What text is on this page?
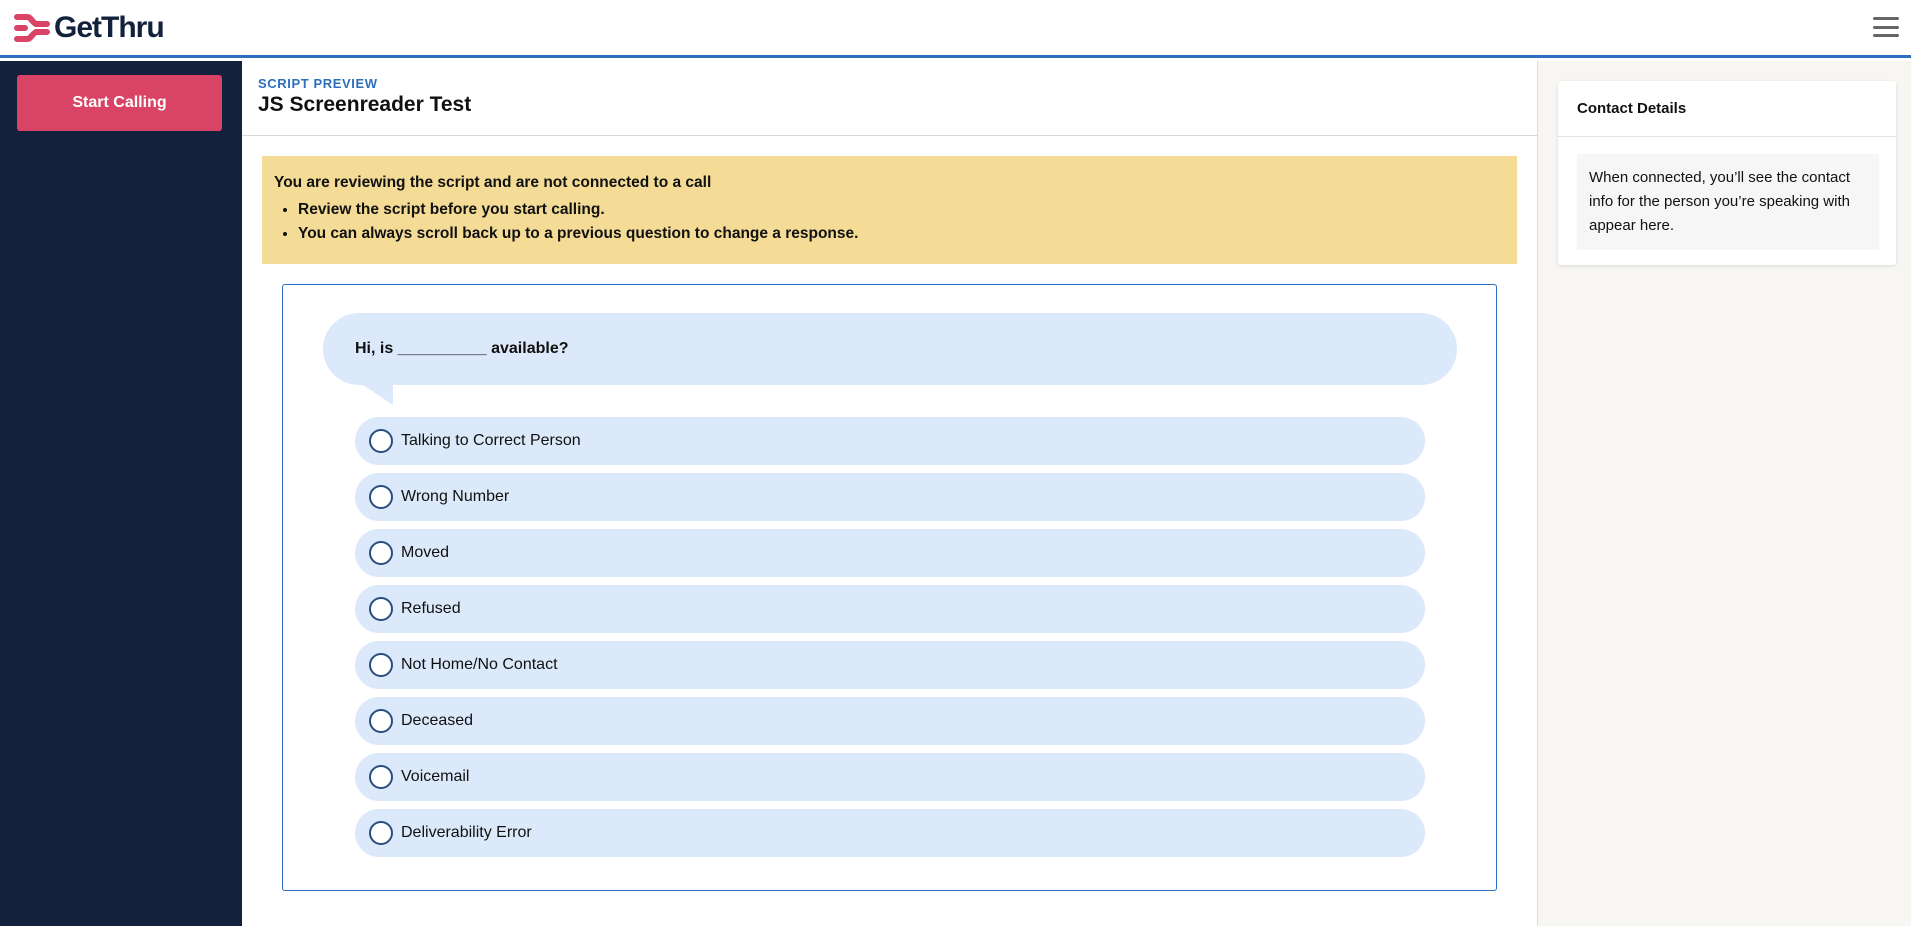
GetThru
Start Calling
SCRIPT PREVIEW
JS Screenreader Test
You are reviewing the script and are not connected to a call
• Review the script before you start calling.
• You can always scroll back up to a previous question to change a response.
Hi, is __________ available?
Talking to Correct Person
Wrong Number
Moved
Refused
Not Home/No Contact
Deceased
Voicemail
Deliverability Error
Contact Details
When connected, you’ll see the contact info for the person you’re speaking with appear here.
